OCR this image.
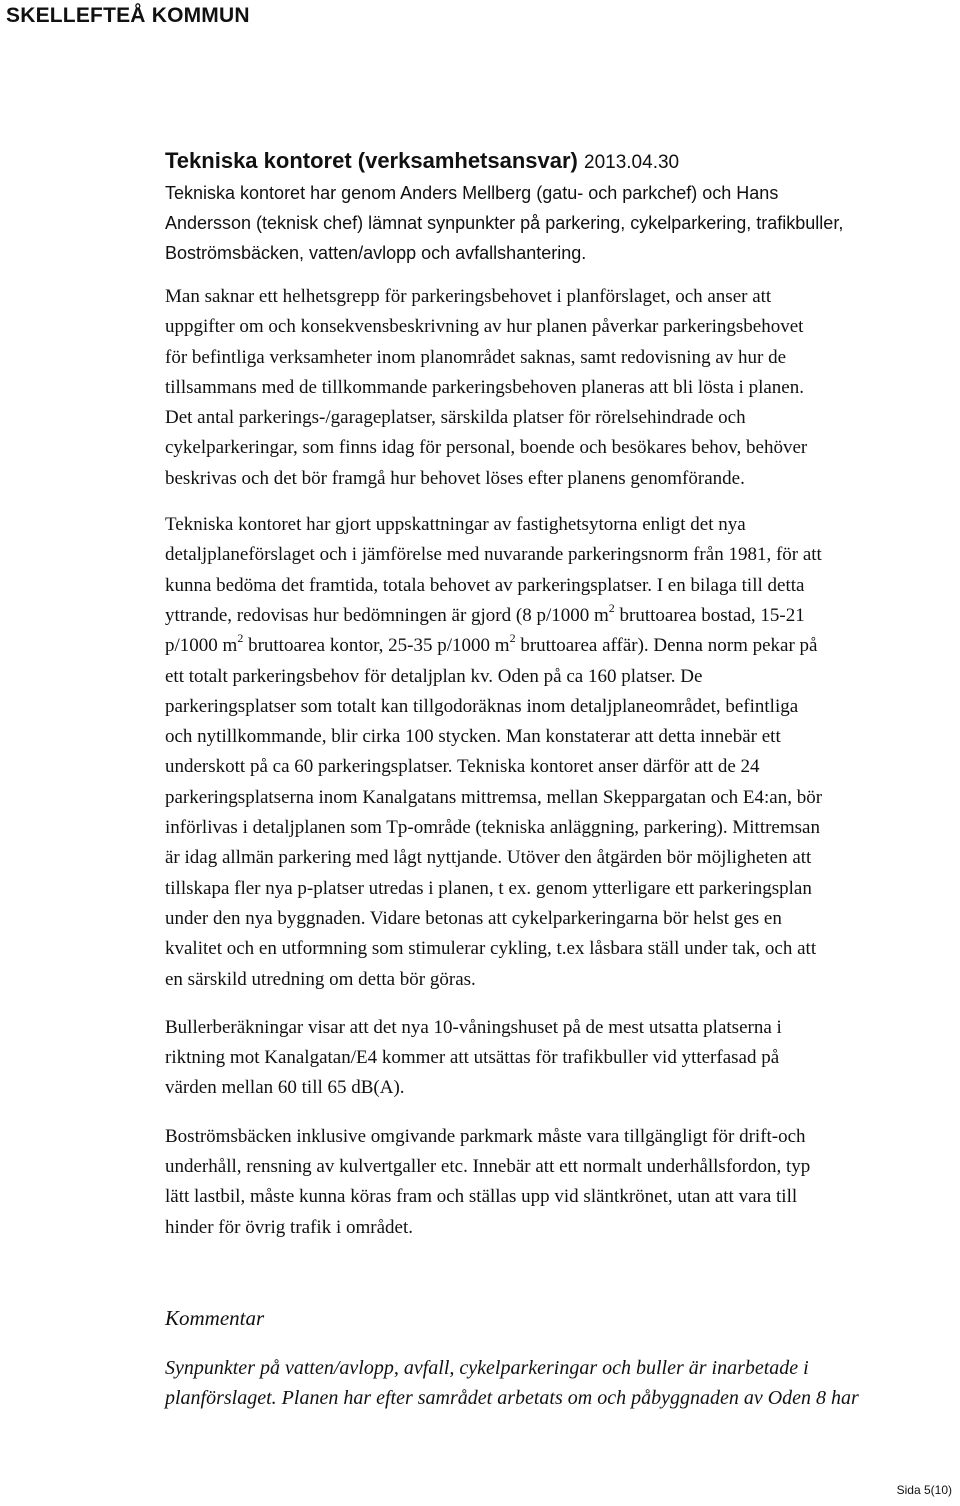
SKELLEFTEÅ KOMMUN
Tekniska kontoret (verksamhetsansvar) 2013.04.30
Tekniska kontoret har genom Anders Mellberg (gatu- och parkchef) och Hans
Andersson (teknisk chef) lämnat synpunkter på parkering, cykelparkering, trafikbuller,
Boströmsbäcken, vatten/avlopp och avfallshantering.
Man saknar ett helhetsgrepp för parkeringsbehovet i planförslaget, och anser att
uppgifter om och konsekvensbeskrivning av hur planen påverkar parkeringsbehovet
för befintliga verksamheter inom planområdet saknas, samt redovisning av hur de
tillsammans med de tillkommande parkeringsbehoven planeras att bli lösta i planen.
Det antal parkerings-/garageplatser, särskilda platser för rörelsehindrade och
cykelparkeringar, som finns idag för personal, boende och besökares behov, behöver
beskrivas och det bör framgå hur behovet löses efter planens genomförande.
Tekniska kontoret har gjort uppskattningar av fastighetsytorna enligt det nya
detaljplaneförslaget och i jämförelse med nuvarande parkeringsnorm från 1981, för att
kunna bedöma det framtida, totala behovet av parkeringsplatser. I en bilaga till detta
yttrande, redovisas hur bedömningen är gjord (8 p/1000 $m^2$ bruttoarea bostad, 15-21
p/1000 $m^2$ bruttoarea kontor, 25-35 p/1000 $m^2$ bruttoarea affär). Denna norm pekar på
ett totalt parkeringsbehov för detaljplan kv. Oden på ca 160 platser. De
parkeringsplatser som totalt kan tillgodoräknas inom detaljplaneområdet, befintliga
och nytillkommande, blir cirka 100 stycken. Man konstaterar att detta innebär ett
underskott på ca 60 parkeringsplatser. Tekniska kontoret anser därför att de 24
parkeringsplatserna inom Kanalgatans mittremsa, mellan Skeppargatan och E4:an, bör
införlivas i detaljplanen som Tp-område (tekniska anläggning, parkering). Mittremsan
är idag allmän parkering med lågt nyttjande. Utöver den åtgärden bör möjligheten att
tillskapa fler nya p-platser utredas i planen, t ex. genom ytterligare ett parkeringsplan
under den nya byggnaden. Vidare betonas att cykelparkeringarna bör helst ges en
kvalitet och en utformning som stimulerar cykling, t.ex låsbara ställ under tak, och att
en särskild utredning om detta bör göras.
Bullerberäkningar visar att det nya 10-våningshuset på de mest utsatta platserna i
riktning mot Kanalgatan/E4 kommer att utsättas för trafikbuller vid ytterfasad på
värden mellan 60 till 65 dB(A).
Boströmsbäcken inklusive omgivande parkmark måste vara tillgängligt för drift-och
underhåll, rensning av kulvertgaller etc. Innebär att ett normalt underhållsfordon, typ
lätt lastbil, måste kunna köras fram och ställas upp vid släntkrönet, utan att vara till
hinder för övrig trafik i området.
Kommentar
Synpunkter på vatten/avlopp, avfall, cykelparkeringar och buller är inarbetade i
planförslaget. Planen har efter samrådet arbetats om och påbyggnaden av Oden 8 har
Sida 5(10)
